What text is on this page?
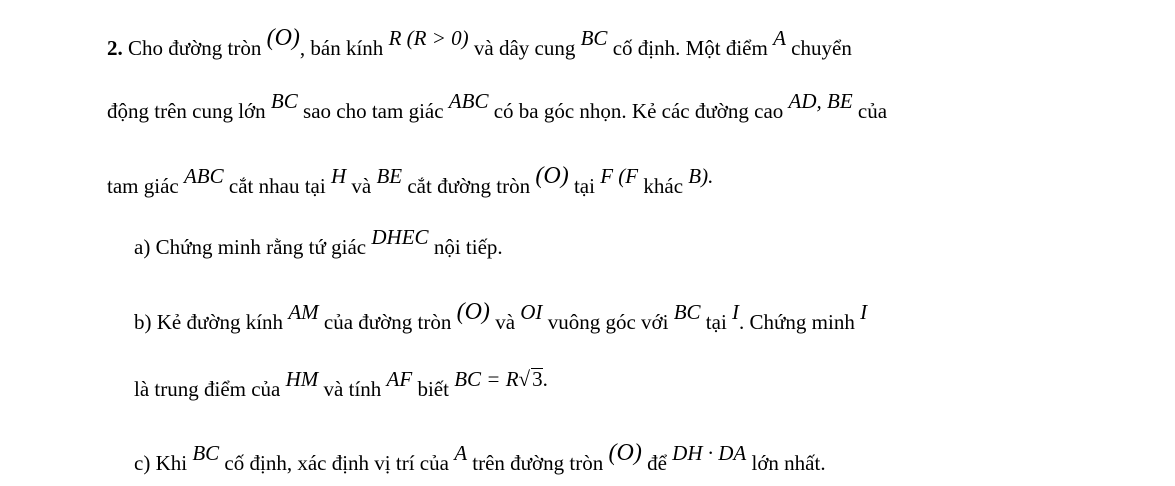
2. Cho đường tròn (O), bán kính R (R > 0) và dây cung BC cố định. Một điểm A chuyển
động trên cung lớn BC sao cho tam giác ABC có ba góc nhọn. Kẻ các đường cao AD, BE của
tam giác ABC cắt nhau tại H và BE cắt đường tròn (O) tại F (F khác B).
a) Chứng minh rằng tứ giác DHEC nội tiếp.
b) Kẻ đường kính AM của đường tròn (O) và OI vuông góc với BC tại I. Chứng minh I
là trung điểm của HM và tính AF biết BC = R√3.
c) Khi BC cố định, xác định vị trí của A trên đường tròn (O) để DH · DA lớn nhất.
